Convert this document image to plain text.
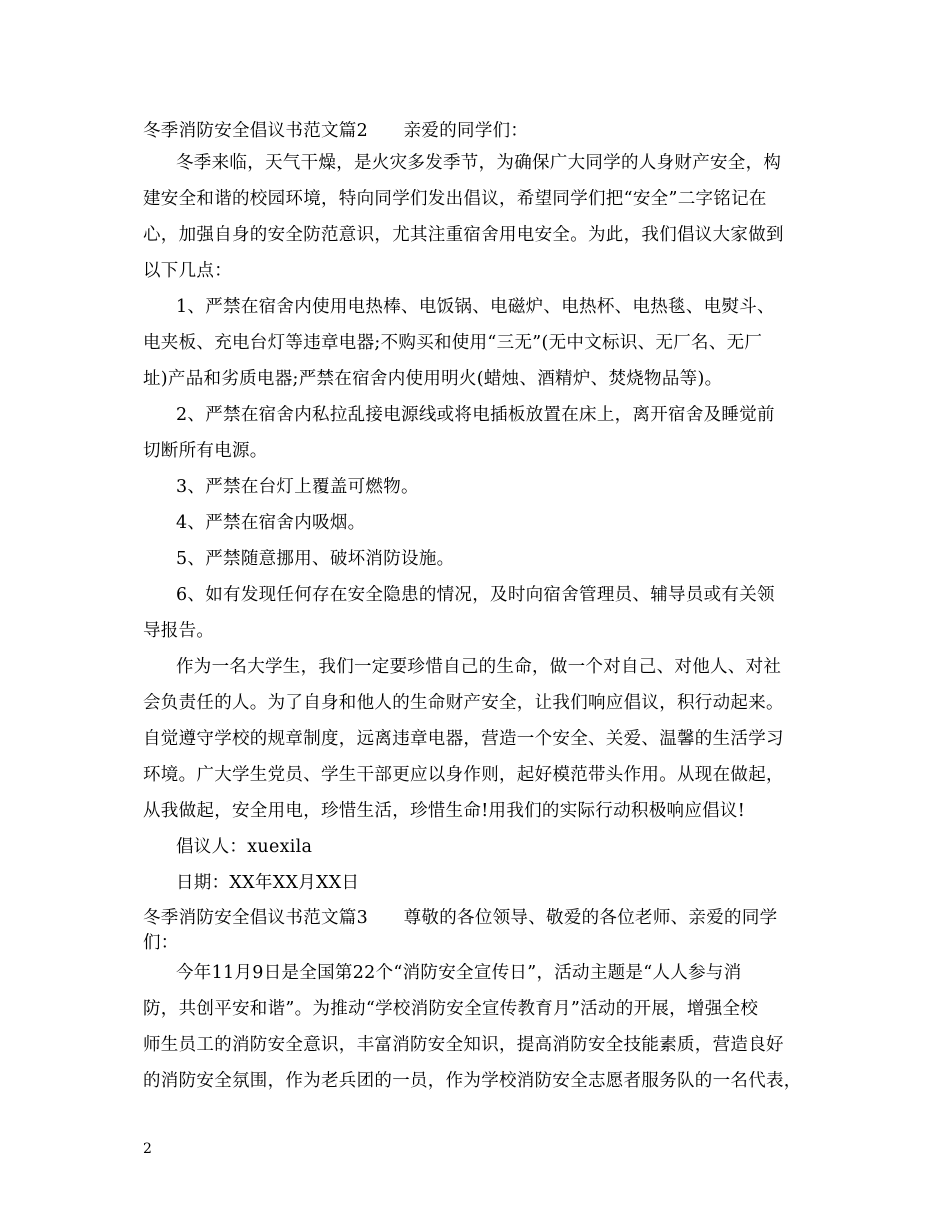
冬季消防安全倡议书范文篇2　　亲爱的同学们：
冬季来临，天气干燥，是火灾多发季节，为确保广大同学的人身财产安全，构
建安全和谐的校园环境，特向同学们发出倡议，希望同学们把“安全”二字铭记在
心，加强自身的安全防范意识，尤其注重宿舍用电安全。为此，我们倡议大家做到
以下几点：
1、严禁在宿舍内使用电热棒、电饭锅、电磁炉、电热杯、电热毯、电熨斗、
电夹板、充电台灯等违章电器;不购买和使用“三无”(无中文标识、无厂名、无厂
址)产品和劣质电器;严禁在宿舍内使用明火(蜡烛、酒精炉、焚烧物品等)。
2、严禁在宿舍内私拉乱接电源线或将电插板放置在床上，离开宿舍及睡觉前
切断所有电源。
3、严禁在台灯上覆盖可燃物。
4、严禁在宿舍内吸烟。
5、严禁随意挪用、破坏消防设施。
6、如有发现任何存在安全隐患的情况，及时向宿舍管理员、辅导员或有关领
导报告。
作为一名大学生，我们一定要珍惜自己的生命，做一个对自己、对他人、对社
会负责任的人。为了自身和他人的生命财产安全，让我们响应倡议，积行动起来。
自觉遵守学校的规章制度，远离违章电器，营造一个安全、关爱、温馨的生活学习
环境。广大学生党员、学生干部更应以身作则，起好模范带头作用。从现在做起，
从我做起，安全用电，珍惜生活，珍惜生命!用我们的实际行动积极响应倡议!
倡议人：xuexila
日期：XX年XX月XX日
冬季消防安全倡议书范文篇3　　尊敬的各位领导、敬爱的各位老师、亲爱的同学
们：
今年11月9日是全国第22个“消防安全宣传日”，活动主题是“人人参与消
防，共创平安和谐”。为推动“学校消防安全宣传教育月”活动的开展，增强全校
师生员工的消防安全意识，丰富消防安全知识，提高消防安全技能素质，营造良好
的消防安全氛围，作为老兵团的一员，作为学校消防安全志愿者服务队的一名代表，
2
